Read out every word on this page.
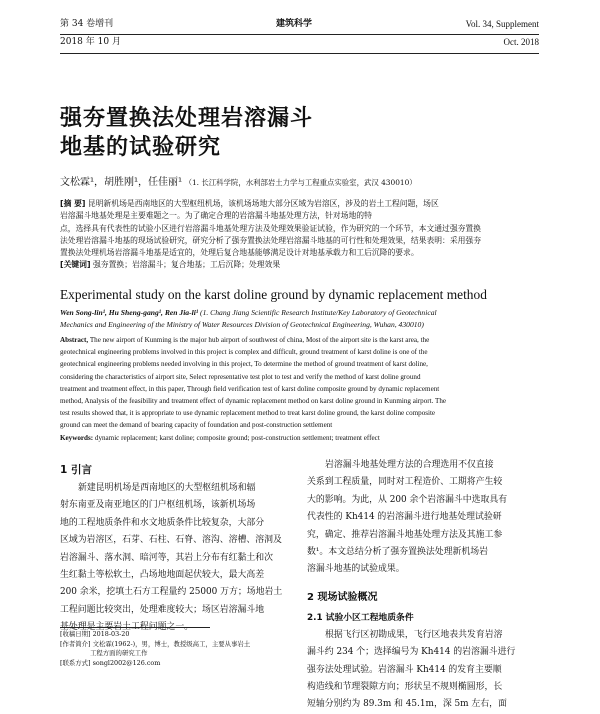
第 34 卷增刊
2018 年 10 月
建筑科学	Vol. 34, Supplement
Oct. 2018
强夯置换法处理岩溶漏斗
地基的试验研究
文松霖¹，胡胜刚¹，任佳丽¹ （1. 长江科学院，水利部岩土力学与工程重点实验室，武汉 430010）

[摘 要] 昆明新机场是西南地区的大型枢纽机场，该机场场地大部分区域为岩溶区，涉及的岩土工程问题，场区

岩溶漏斗地基处理是主要难题之一。为了确定合理的岩溶漏斗地基处理方法，针对场地的特

点，选择具有代表性的试验小区进行岩溶漏斗地基处理方法及处理效果验证试验，作为研究的一个环节，本文通过强夯置换

法处理岩溶漏斗地基的现场试验研究，研究分析了强夯置换法处理岩溶漏斗地基的可行性和处理效果，结果表明：采用强夯

置换法处理机场岩溶漏斗地基是适宜的，处理后复合地基能够满足设计对地基承载力和工后沉降的要求。

[关键词] 强夯置换；岩溶漏斗；复合地基；工后沉降；处理效果

Experimental study on the karst doline ground by dynamic replacement method

Wen Song-lin¹, Hu Sheng-gang¹, Ren Jia-li¹ (1. Chang Jiang Scientific Research Institute/Key Laboratory of Geotechnical

Mechanics and Engineering of the Ministry of Water Resources Division of Geotechnical Engineering, Wuhan, 430010)

Abstract, The new airport of Kunming is the major hub airport of southwest of china, Most of the airport site is the karst area, the

geotechnical engineering problems involved in this project is complex and difficult, ground treatment of karst doline is one of the

geotechnical engineering problems needed involving in this project, To determine the method of ground treatment of karst doline,

considering the characteristics of airport site, Select representative test plot to test and verify the method of karst doline ground

treatment and treatment effect, in this paper, Through field verification test of karst doline composite ground by dynamic replacement

method, Analysis of the feasibility and treatment effect of dynamic replacement method on karst doline ground in Kunming airport. The

test results showed that, it is appropriate to use dynamic replacement method to treat karst doline ground, the karst doline composite

ground can meet the demand of bearing capacity of foundation and post-construction settlement

Keywords: dynamic replacement; karst doline; composite ground; post-construction settlement; treatment effect

1 引言

新建昆明机场是西南地区的大型枢纽机场和辐

射东南亚及南亚地区的门户枢纽机场，该新机场场

地的工程地质条件和水文地质条件比较复杂，大部分

区域为岩溶区，石芽、石柱、石脊、溶沟、溶槽、溶洞及

岩溶漏斗、落水洞、暗河等，其岩上分布有红黏土和次

生红黏土等松软土，凸场地地面起伏较大，最大高差

200 余米，挖填土石方工程量约 25000 万方；场地岩土

工程问题比较突出，处理难度较大；场区岩溶漏斗地

基处理是主要岩土工程问题之一。

[收稿日期] 2018-03-20

[作者简介] 文松霖(1962-)，男，博士，教授级高工，主要从事岩土

工程方面的研究工作

[联系方式] songl2002@126.com

岩溶漏斗地基处理方法的合理选用不仅直接

关系到工程质量，同时对工程造价、工期将产生较

大的影响。为此，从 200 余个岩溶漏斗中选取具有

代表性的 Kh414 的岩溶漏斗进行地基处理试验研

究，确定、推荐岩溶漏斗地基处理方法及其施工参

数¹。本文总结分析了强夯置换法处理新机场岩

溶漏斗地基的试验成果。

2 现场试验概况

2.1 试验小区工程地质条件

根据飞行区初勘成果，飞行区地表共发育岩溶

漏斗约 234 个；选择编号为 Kh414 的岩溶漏斗进行

强夯法处理试验。岩溶漏斗 Kh414 的发育主要顺

构造线和节理裂隙方向；形状呈不规则椭圆形，长

短轴分别约为 89.3m 和 45.1m，深 5m 左右，面
